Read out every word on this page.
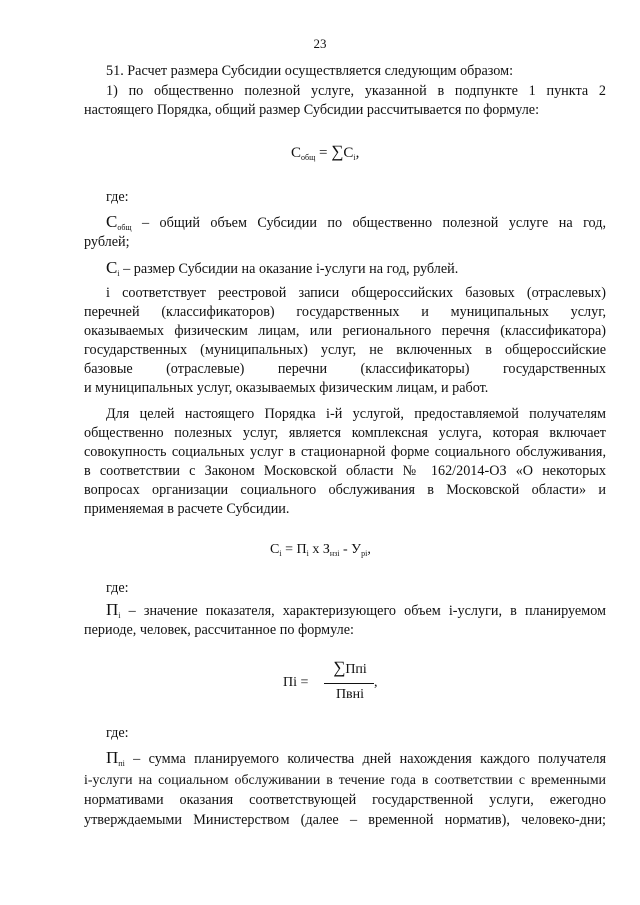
23
51. Расчет размера Субсидии осуществляется следующим образом:
1) по общественно полезной услуге, указанной в подпункте 1 пункта 2
настоящего Порядка, общий размер Субсидии рассчитывается по формуле:
$С_{общ} = \sum С_i$,
где:
$С_{общ}$ – общий объем Субсидии по общественно полезной услуге на год,
рублей;
$С_i$ – размер Субсидии на оказание i-услуги на год, рублей.
i соответствует реестровой записи общероссийских базовых (отраслевых)
перечней (классификаторов) государственных и муниципальных услуг,
оказываемых физическим лицам, или регионального перечня (классификатора)
государственных (муниципальных) услуг, не включенных в общероссийские
базовые (отраслевые) перечни (классификаторы) государственных
и муниципальных услуг, оказываемых физическим лицам, и работ.
Для целей настоящего Порядка i-й услугой, предоставляемой получателям
общественно полезных услуг, является комплексная услуга, которая включает
совокупность социальных услуг в стационарной форме социального обслуживания,
в соответствии с Законом Московской области № 162/2014-ОЗ «О некоторых
вопросах организации социального обслуживания в Московской области» и
применяемая в расчете Субсидии.
$С_i = П_i$ x $З_{нзi} - У_{pi}$,
где:
$П_i$ – значение показателя, характеризующего объем i-услуги, в планируемом
периоде, человек, рассчитанное по формуле:
Пi =
∑Ппi
Пвнi
,
где:
$П_{пi}$ – сумма планируемого количества дней нахождения каждого получателя
i-услуги на социальном обслуживании в течение года в соответствии с временными
нормативами оказания соответствующей государственной услуги, ежегодно
утверждаемыми Министерством (далее – временной норматив), человеко-дни;
